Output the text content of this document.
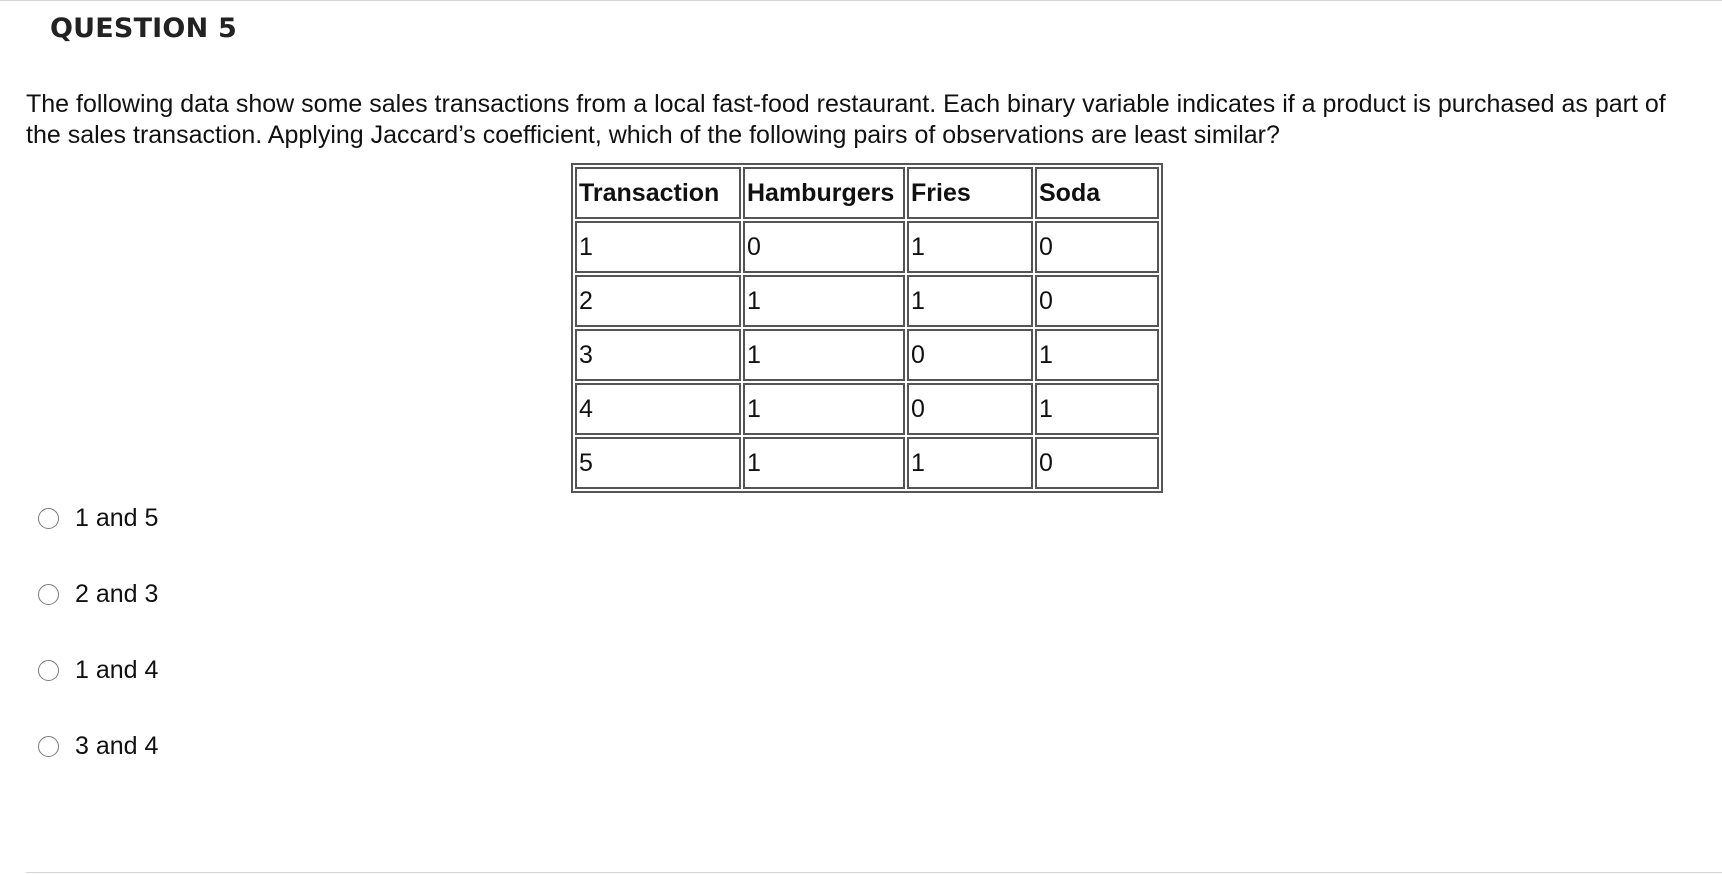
QUESTION 5
The following data show some sales transactions from a local fast-food restaurant. Each binary variable indicates if a product is purchased as part of the sales transaction. Applying Jaccard’s coefficient, which of the following pairs of observations are least similar?
Transaction	Hamburgers	Fries	Soda
1	0	1	0
2	1	1	0
3	1	0	1
4	1	0	1
5	1	1	0
1 and 5
2 and 3
1 and 4
3 and 4
